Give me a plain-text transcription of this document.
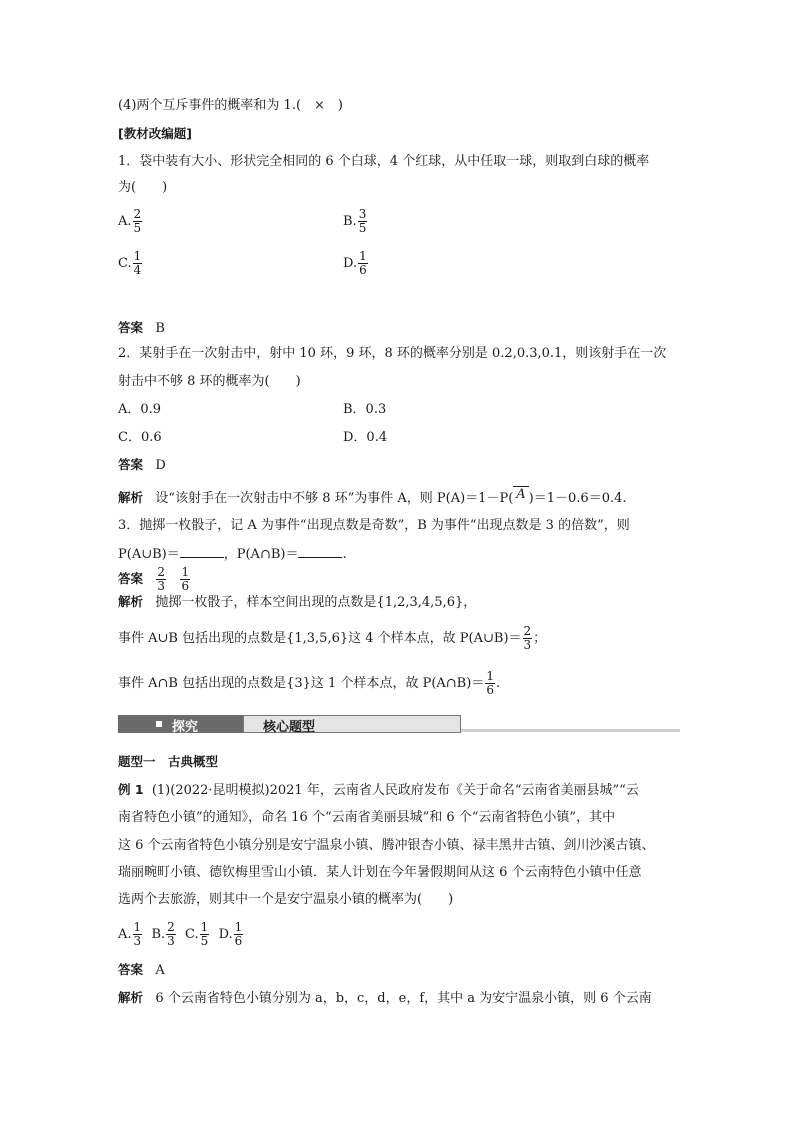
(4)两个互斥事件的概率和为 1.(　×　)
[教材改编题]
1．袋中装有大小、形状完全相同的 6 个白球，4 个红球，从中任取一球，则取到白球的概率
为(　　)
A. $\frac{2}{5}$	B. $\frac{3}{5}$
C. $\frac{1}{4}$	D. $\frac{1}{6}$
答案 B
2．某射手在一次射击中，射中 10 环，9 环，8 环的概率分别是 0.2,0.3,0.1，则该射手在一次
射击中不够 8 环的概率为(　　)
A．0.9	B．0.3
C．0.6	D．0.4
答案 D
解析 设“该射手在一次射击中不够 8 环”为事件 A，则 P(A)＝1－P( A )＝1－0.6＝0.4.
3．抛掷一枚骰子，记 A 为事件“出现点数是奇数”，B 为事件“出现点数是 3 的倍数”，则
P(A∪B)＝	，P(A∩B)＝	.
答案 $\frac{2}{3}$
$\frac{1}{6}$
解析 抛掷一枚骰子，样本空间出现的点数是{1,2,3,4,5,6}，
事件 A∪B 包括出现的点数是{1,3,5,6}这 4 个样本点，故 P(A∪B)＝ $\frac{2}{3}$ ；
事件 A∩B 包括出现的点数是{3}这 1 个样本点，故 P(A∩B)＝ $\frac{1}{6}$ .
探究	核心题型
题型一　古典概型
例 1 (1)(2022·昆明模拟)2021 年，云南省人民政府发布《关于命名“云南省美丽县城”“云
南省特色小镇”的通知》，命名 16 个“云南省美丽县城”和 6 个“云南省特色小镇”，其中
这 6 个云南省特色小镇分别是安宁温泉小镇、腾冲银杏小镇、禄丰黑井古镇、剑川沙溪古镇、
瑞丽畹町小镇、德钦梅里雪山小镇．某人计划在今年暑假期间从这 6 个云南特色小镇中任意
选两个去旅游，则其中一个是安宁温泉小镇的概率为(　　)
A. $\frac{1}{3} B$. $\frac{2}{3} C$. $\frac{1}{5} D$. $\frac{1}{6}$
答案 A
解析 6 个云南省特色小镇分别为 a，b，c，d，e，f，其中 a 为安宁温泉小镇，则 6 个云南
